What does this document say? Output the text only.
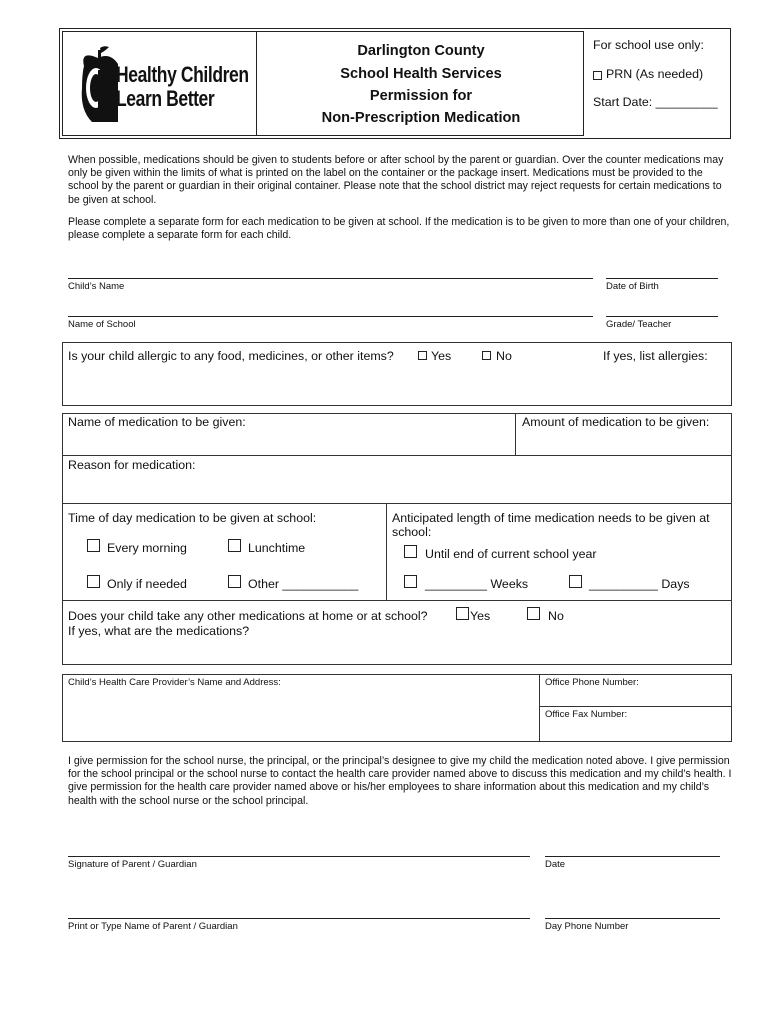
Healthy Children
Learn Better
Darlington County
School Health Services
Permission for
Non-Prescription Medication
For school use only:
PRN (As needed)
Start Date: _________
When possible, medications should be given to students before or after school by the parent or guardian. Over the counter medications may only be given within the limits of what is printed on the label on the container or the package insert. Medications must be provided to the school by the parent or guardian in their original container. Please note that the school district may reject requests for certain medications to be given at school.
Please complete a separate form for each medication to be given at school. If the medication is to be given to more than one of your children, please complete a separate form for each child.
Child’s Name	Date of Birth
Name of School	Grade/ Teacher
Is your child allergic to any food, medicines, or other items?	Yes	No	If yes, list allergies:
Name of medication to be given:	Amount of medication to be given:
Reason for medication:
Time of day medication to be given at school:
Every morning	Lunchtime
Only if needed	Other ___________
Anticipated length of time medication needs to be given at school:
Until end of current school year
_________ Weeks	__________ Days
Does your child take any other medications at home or at school?	Yes	No
If yes, what are the medications?
Child’s Health Care Provider’s Name and Address:	Office Phone Number:
Office Fax Number:
I give permission for the school nurse, the principal, or the principal’s designee to give my child the medication noted above. I give permission for the school principal or the school nurse to contact the health care provider named above to discuss this medication and my child’s health. I give permission for the health care provider named above or his/her employees to share information about this medication and my child’s health with the school nurse or the school principal.
Signature of Parent / Guardian	Date
Print or Type Name of Parent / Guardian	Day Phone Number
